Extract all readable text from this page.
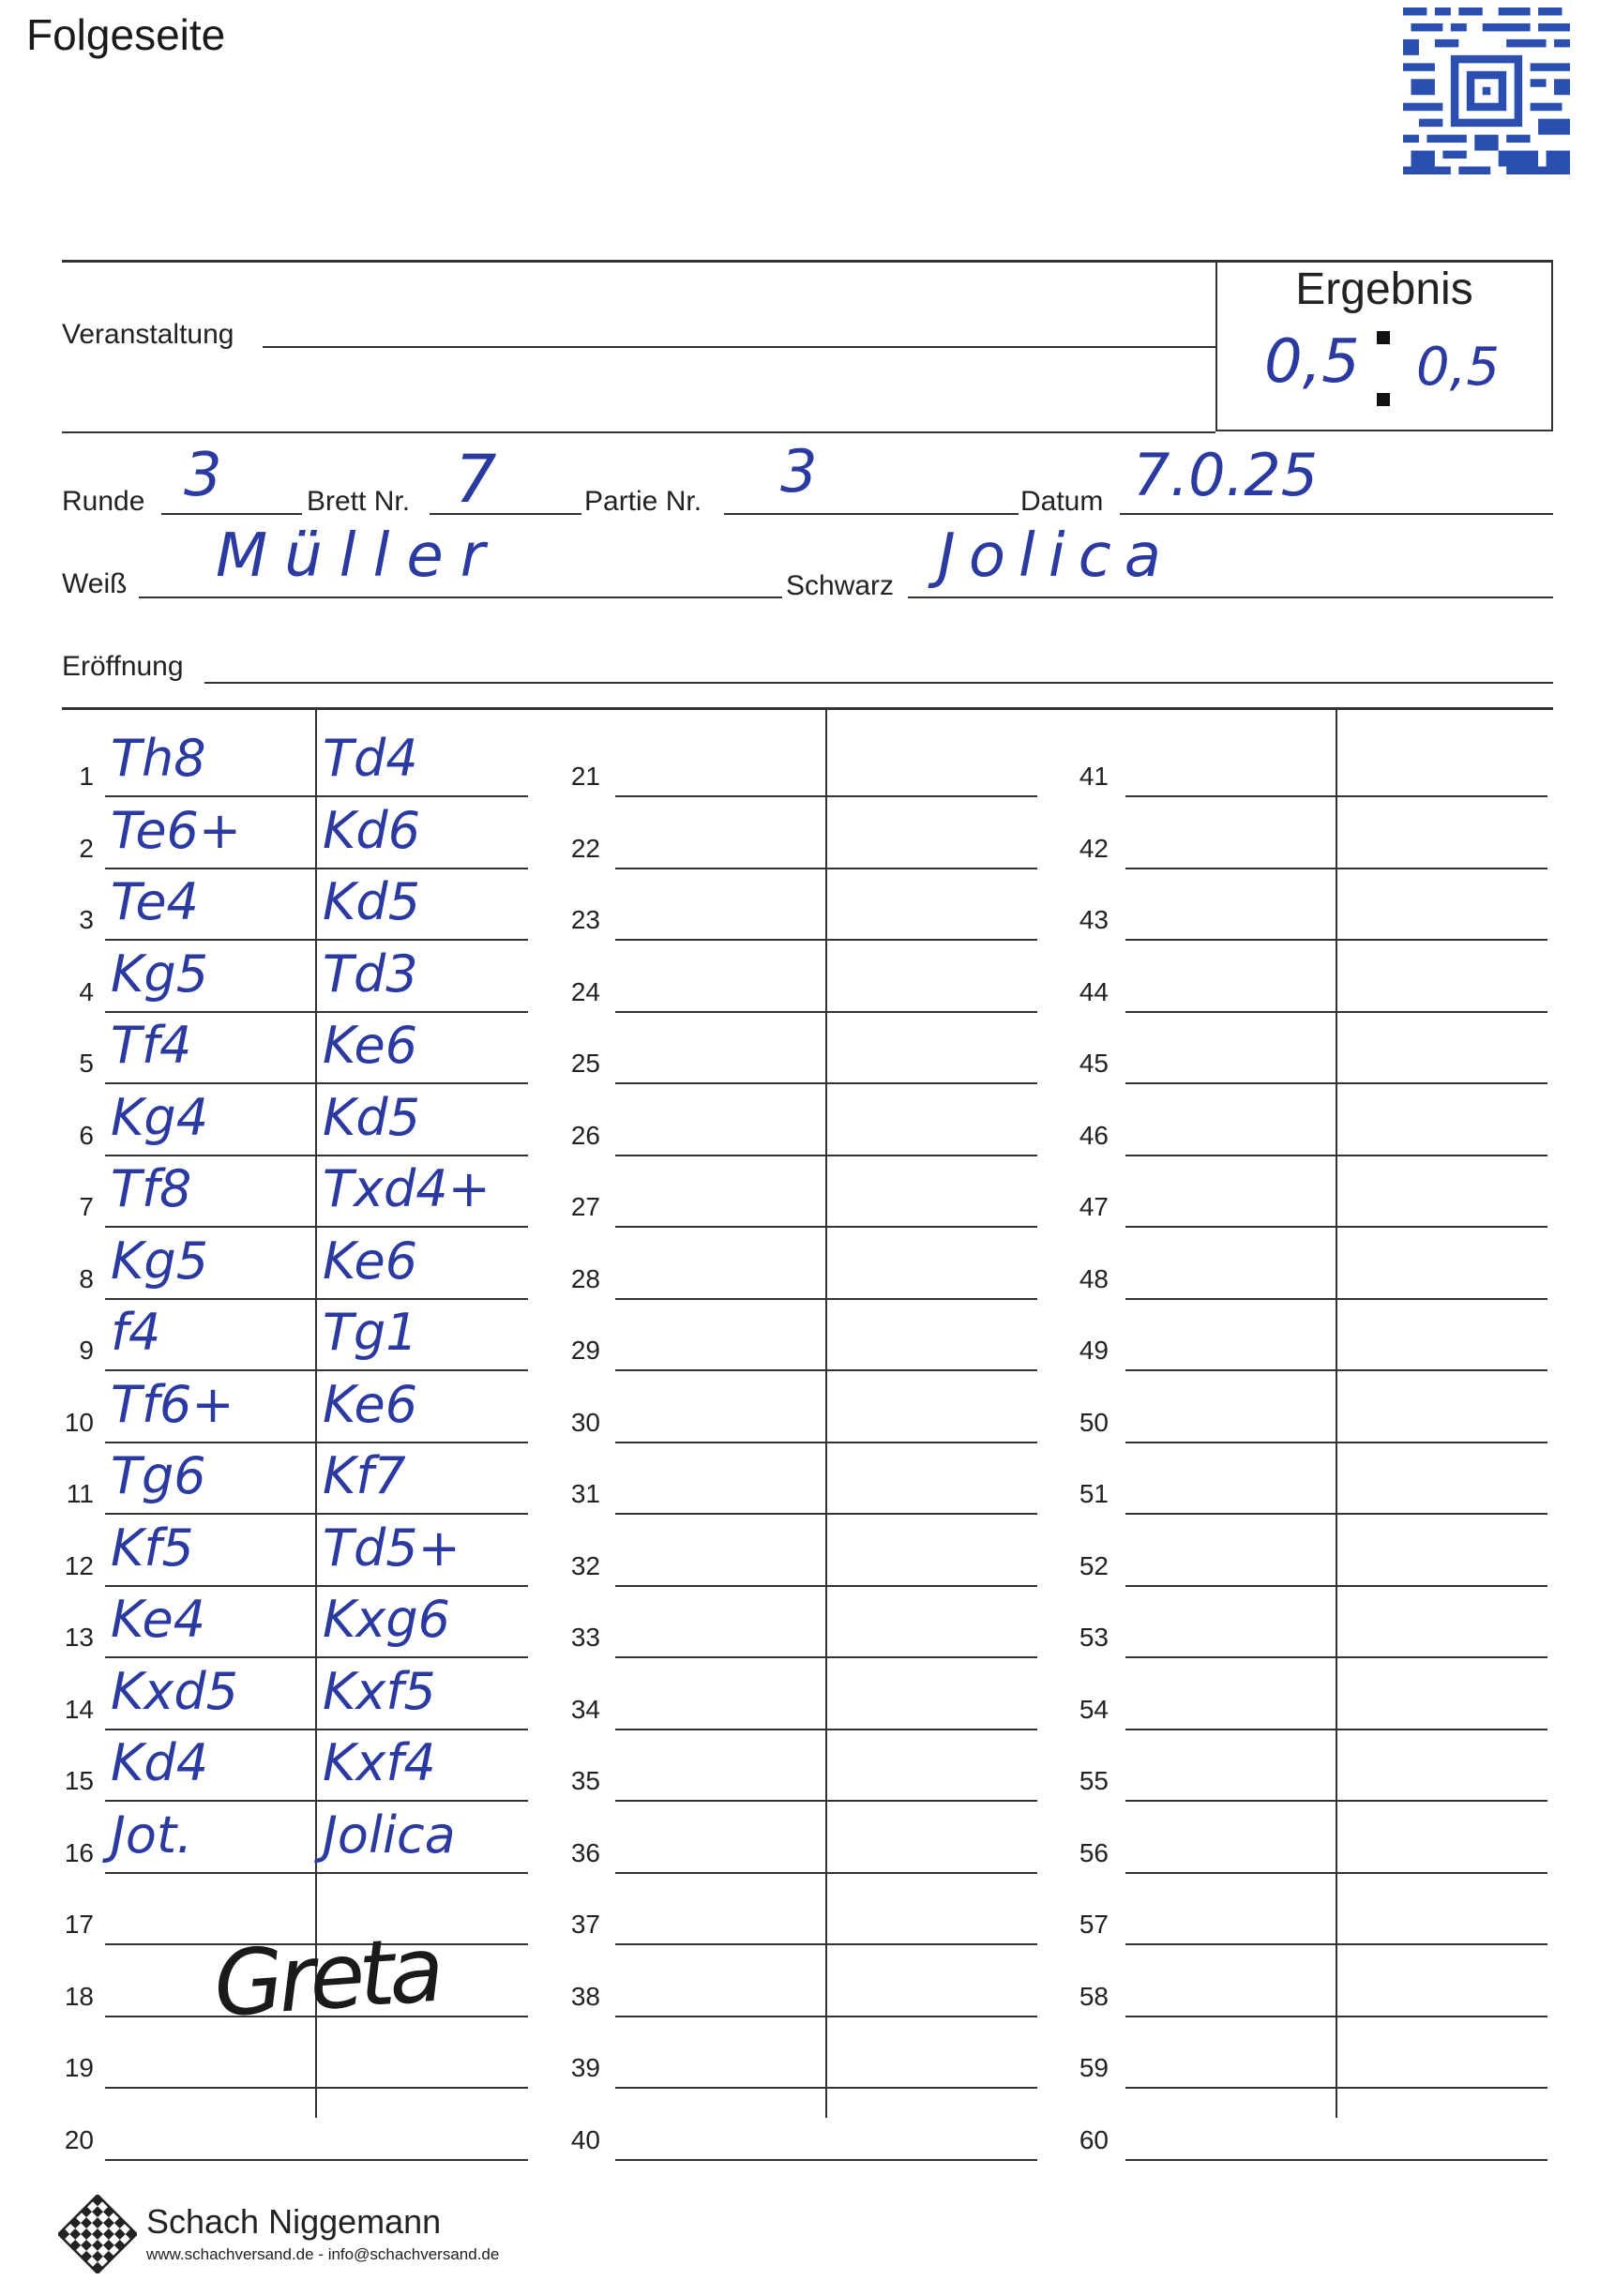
Folgeseite
Veranstaltung
Ergebnis
0,5 0,5
Runde 3	Brett Nr. 7	Partie Nr. 3	Datum 7.0.25
Weiß Müller	Schwarz Jolica
Eröffnung
1 Th8 Td4
2 Te6+ Kd6
3 Te4 Kd5
4 Kg5 Td3
5 Tf4	Ke6
6 Kg4 Kd5
7 Tf8	Txd4+
8 Kg5 Ke6
9 f4	Tg1
10 Tf6+ Ke6
11 Tg6 Kf7
12 Kf5	Td5+
13 Ke4 Kxg6
14 Kxd5 Kxf5
15 Kd4 Kxf4
16 Jot.	Jolica
17
18
19
20
21
22
23
24
25
26
27
28
29
30
31
32
33
34
35
36
37
38
39
40
41
42
43
44
45
46
47
48
49
50
51
52
53
54
55
56
57
58
59
60
Greta
Schach Niggemann
www.schachversand.de - info@schachversand.de
